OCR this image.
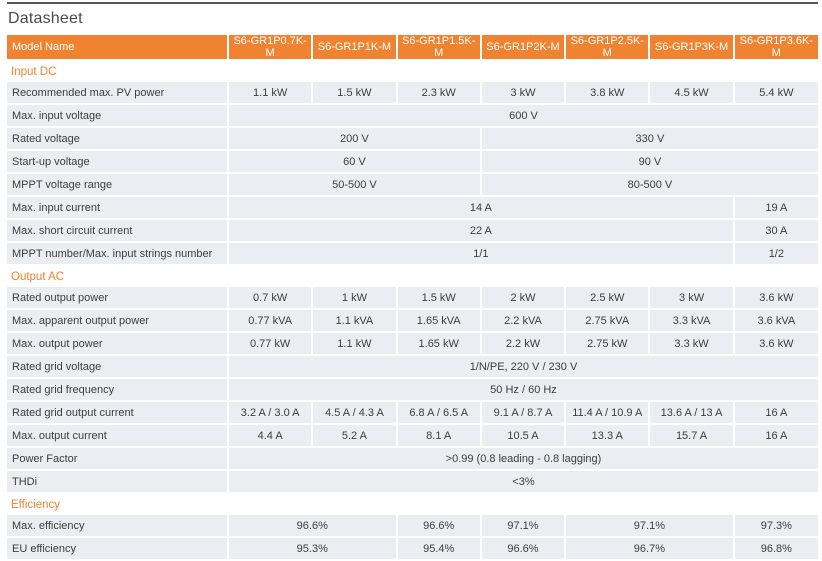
Datasheet
Model Name	S6-GR1P0.7K-M	S6-GR1P1K-M	S6-GR1P1.5K-M	S6-GR1P2K-M	S6-GR1P2.5K-M	S6-GR1P3K-M	S6-GR1P3.6K-M
Input DC							
Recommended max. PV power	1.1 kW	1.5 kW	2.3 kW	3 kW	3.8 kW	4.5 kW	5.4 kW
Max. input voltage	600 V						
Rated voltage	200 V			330 V			
Start-up voltage	60 V			90 V			
MPPT voltage range	50-500 V			80-500 V			
Max. input current	14 A						19 A
Max. short circuit current	22 A						30 A
MPPT number/Max. input strings number	1/1						1/2
Output AC							
Rated output power	0.7 kW	1 kW	1.5 kW	2 kW	2.5 kW	3 kW	3.6 kW
Max. apparent output power	0.77 kVA	1.1 kVA	1.65 kVA	2.2 kVA	2.75 kVA	3.3 kVA	3.6 kVA
Max. output power	0.77 kW	1.1 kW	1.65 kW	2.2 kW	2.75 kW	3.3 kW	3.6 kW
Rated grid voltage	1/N/PE, 220 V / 230 V						
Rated grid frequency	50 Hz / 60 Hz						
Rated grid output current	3.2 A / 3.0 A	4.5 A / 4.3 A	6.8 A / 6.5 A	9.1 A / 8.7 A	11.4 A / 10.9 A	13.6 A / 13 A	16 A
Max. output current	4.4 A	5.2 A	8.1 A	10.5 A	13.3 A	15.7 A	16 A
Power Factor	>0.99 (0.8 leading - 0.8 lagging)						
THDi	<3%						
Efficiency							
Max. efficiency	96.6%		96.6%	97.1%	97.1%		97.3%
EU efficiency	95.3%		95.4%	96.6%	96.7%		96.8%
